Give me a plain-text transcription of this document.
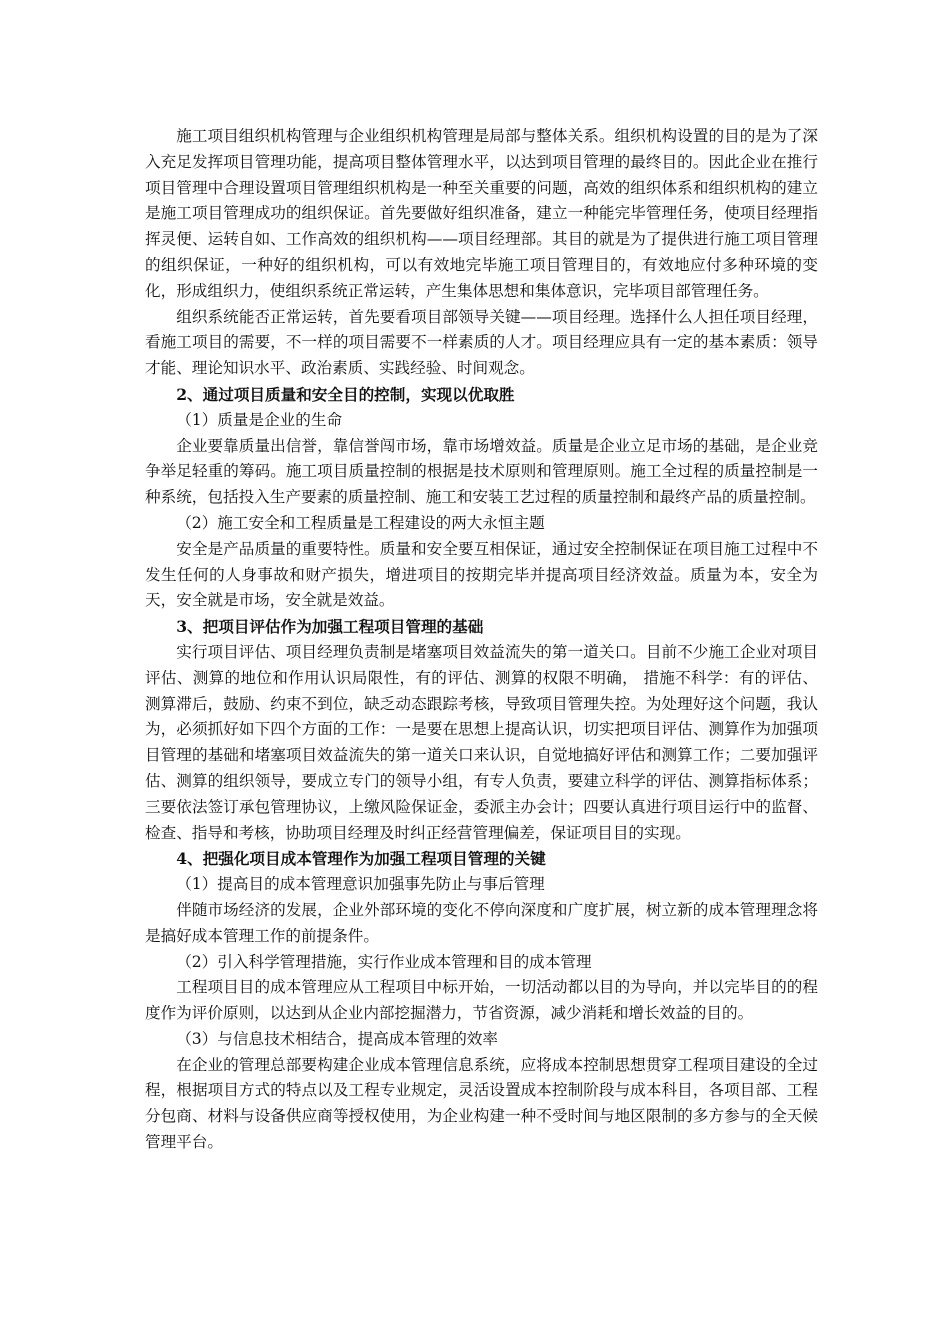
施工项目组织机构管理与企业组织机构管理是局部与整体关系。组织机构设置的目的是为了深入充足发挥项目管理功能，提高项目整体管理水平，以达到项目管理的最终目的。因此企业在推行项目管理中合理设置项目管理组织机构是一种至关重要的问题，高效的组织体系和组织机构的建立是施工项目管理成功的组织保证。首先要做好组织准备，建立一种能完毕管理任务，使项目经理指挥灵便、运转自如、工作高效的组织机构——项目经理部。其目的就是为了提供进行施工项目管理的组织保证，一种好的组织机构，可以有效地完毕施工项目管理目的，有效地应付多种环境的变化，形成组织力，使组织系统正常运转，产生集体思想和集体意识，完毕项目部管理任务。

组织系统能否正常运转，首先要看项目部领导关键——项目经理。选择什么人担任项目经理，看施工项目的需要，不一样的项目需要不一样素质的人才。项目经理应具有一定的基本素质：领导才能、理论知识水平、政治素质、实践经验、时间观念。

2、通过项目质量和安全目的控制，实现以优取胜

（1）质量是企业的生命

企业要靠质量出信誉，靠信誉闯市场，靠市场增效益。质量是企业立足市场的基础，是企业竞争举足轻重的筹码。施工项目质量控制的根据是技术原则和管理原则。施工全过程的质量控制是一种系统，包括投入生产要素的质量控制、施工和安装工艺过程的质量控制和最终产品的质量控制。

（2）施工安全和工程质量是工程建设的两大永恒主题

安全是产品质量的重要特性。质量和安全要互相保证，通过安全控制保证在项目施工过程中不发生任何的人身事故和财产损失，增进项目的按期完毕并提高项目经济效益。质量为本，安全为天，安全就是市场，安全就是效益。

3、把项目评估作为加强工程项目管理的基础

实行项目评估、项目经理负责制是堵塞项目效益流失的第一道关口。目前不少施工企业对项目评估、测算的地位和作用认识局限性，有的评估、测算的权限不明确， 措施不科学：有的评估、测算滞后，鼓励、约束不到位，缺乏动态跟踪考核，导致项目管理失控。为处理好这个问题，我认为，必须抓好如下四个方面的工作：一是要在思想上提高认识，切实把项目评估、测算作为加强项目管理的基础和堵塞项目效益流失的第一道关口来认识，自觉地搞好评估和测算工作；二要加强评估、测算的组织领导，要成立专门的领导小组，有专人负责，要建立科学的评估、测算指标体系；三要依法签订承包管理协议，上缴风险保证金，委派主办会计；四要认真进行项目运行中的监督、检查、指导和考核，协助项目经理及时纠正经营管理偏差，保证项目目的实现。

4、把强化项目成本管理作为加强工程项目管理的关键

（1）提高目的成本管理意识加强事先防止与事后管理

伴随市场经济的发展，企业外部环境的变化不停向深度和广度扩展，树立新的成本管理理念将是搞好成本管理工作的前提条件。

（2）引入科学管理措施，实行作业成本管理和目的成本管理

工程项目目的成本管理应从工程项目中标开始，一切活动都以目的为导向，并以完毕目的的程度作为评价原则，以达到从企业内部挖掘潜力，节省资源，减少消耗和增长效益的目的。

（3）与信息技术相结合，提高成本管理的效率

在企业的管理总部要构建企业成本管理信息系统，应将成本控制思想贯穿工程项目建设的全过程，根据项目方式的特点以及工程专业规定，灵活设置成本控制阶段与成本科目，各项目部、工程分包商、材料与设备供应商等授权使用，为企业构建一种不受时间与地区限制的多方参与的全天候管理平台。
